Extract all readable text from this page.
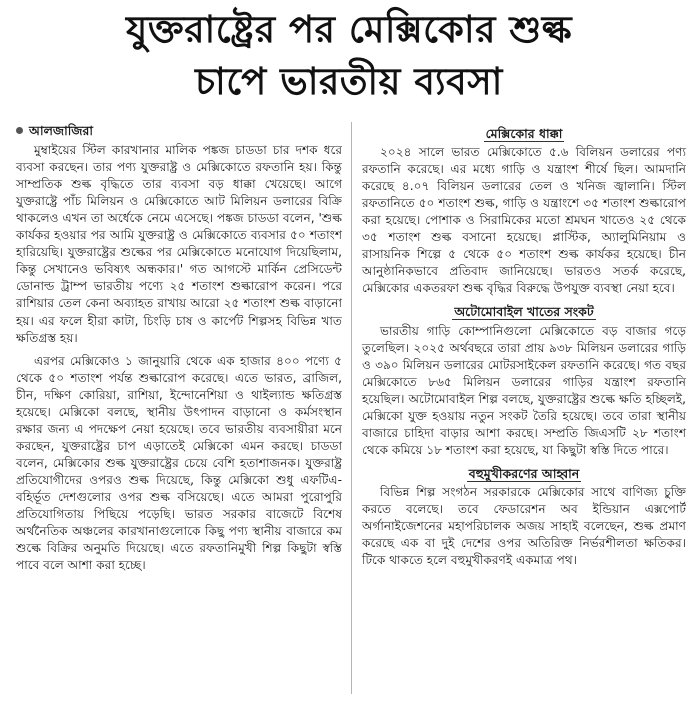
যুক্তরাষ্ট্রের পর মেক্সিকোর শুল্ক
চাপে ভারতীয় ব্যবসা
আলজাজিরা

মুম্বাইয়ের স্টিল কারখানার মালিক পঙ্কজ চাডডা চার দশক ধরে ব্যবসা করছেন। তার পণ্য যুক্তরাষ্ট্র ও মেক্সিকোতে রফতানি হয়। কিন্তু সাম্প্রতিক শুল্ক বৃদ্ধিতে তার ব্যবসা বড় ধাক্কা খেয়েছে। আগে যুক্তরাষ্ট্রে পাঁচ মিলিয়ন ও মেক্সিকোতে আট মিলিয়ন ডলারের বিক্রি থাকলেও এখন তা অর্ধেকে নেমে এসেছে। পঙ্কজ চাডডা বলেন, 'শুল্ক কার্যকর হওয়ার পর আমি যুক্তরাষ্ট্র ও মেক্সিকোতে ব্যবসার ৫০ শতাংশ হারিয়েছি। যুক্তরাষ্ট্রের শুল্কের পর মেক্সিকোতে মনোযোগ দিয়েছিলাম, কিন্তু সেখানেও ভবিষ্যৎ অন্ধকার।' গত আগস্টে মার্কিন প্রেসিডেন্ট ডোনাল্ড ট্রাম্প ভারতীয় পণ্যে ২৫ শতাংশ শুল্কারোপ করেন। পরে রাশিয়ার তেল কেনা অব্যাহত রাখায় আরো ২৫ শতাংশ শুল্ক বাড়ানো হয়। এর ফলে হীরা কাটা, চিংড়ি চাষ ও কার্পেট শিল্পসহ বিভিন্ন খাত ক্ষতিগ্রস্ত হয়।

এরপর মেক্সিকোও ১ জানুয়ারি থেকে এক হাজার ৪০০ পণ্যে ৫ থেকে ৫০ শতাংশ পর্যন্ত শুল্কারোপ করেছে। এতে ভারত, ব্রাজিল, চীন, দক্ষিণ কোরিয়া, রাশিয়া, ইন্দোনেশিয়া ও থাইল্যান্ড ক্ষতিগ্রস্ত হয়েছে। মেক্সিকো বলছে, স্থানীয় উৎপাদন বাড়ানো ও কর্মসংস্থান রক্ষার জন্য এ পদক্ষেপ নেয়া হয়েছে। তবে ভারতীয় ব্যবসায়ীরা মনে করছেন, যুক্তরাষ্ট্রের চাপ এড়াতেই মেক্সিকো এমন করছে। চাডডা বলেন, মেক্সিকোর শুল্ক যুক্তরাষ্ট্রের চেয়ে বেশি হতাশাজনক। যুক্তরাষ্ট্র প্রতিযোগীদের ওপরও শুল্ক দিয়েছে, কিন্তু মেক্সিকো শুধু এফটিএ-বহির্ভূত দেশগুলোর ওপর শুল্ক বসিয়েছে। এতে আমরা পুরোপুরি প্রতিযোগিতায় পিছিয়ে পড়েছি। ভারত সরকার বাজেটে বিশেষ অর্থনৈতিক অঞ্চলের কারখানাগুলোকে কিছু পণ্য স্থানীয় বাজারে কম শুল্কে বিক্রির অনুমতি দিয়েছে। এতে রফতানিমুখী শিল্প কিছুটা স্বস্তি পাবে বলে আশা করা হচ্ছে।

মেক্সিকোর ধাক্কা

২০২৪ সালে ভারত মেক্সিকোতে ৫.৬ বিলিয়ন ডলারের পণ্য রফতানি করেছে। এর মধ্যে গাড়ি ও যন্ত্রাংশ শীর্ষে ছিল। আমদানি করেছে ৪.০৭ বিলিয়ন ডলারের তেল ও খনিজ জ্বালানি। স্টিল রফতানিতে ৫০ শতাংশ শুল্ক, গাড়ি ও যন্ত্রাংশে ৩৫ শতাংশ শুল্কারোপ করা হয়েছে। পোশাক ও সিরামিকের মতো শ্রমঘন খাতেও ২৫ থেকে ৩৫ শতাংশ শুল্ক বসানো হয়েছে। প্লাস্টিক, অ্যালুমিনিয়াম ও রাসায়নিক শিল্পে ৫ থেকে ৫০ শতাংশ শুল্ক কার্যকর হয়েছে। চীন আনুষ্ঠানিকভাবে প্রতিবাদ জানিয়েছে। ভারতও সতর্ক করেছে, মেক্সিকোর একতরফা শুল্ক বৃদ্ধির বিরুদ্ধে উপযুক্ত ব্যবস্থা নেয়া হবে।

অটোমোবাইল খাতের সংকট

ভারতীয় গাড়ি কোম্পানিগুলো মেক্সিকোতে বড় বাজার গড়ে তুলেছিল। ২০২৫ অর্থবছরে তারা প্রায় ৯৩৮ মিলিয়ন ডলারের গাড়ি ও ৩৯০ মিলিয়ন ডলারের মোটরসাইকেল রফতানি করেছে। গত বছর মেক্সিকোতে ৮৬৫ মিলিয়ন ডলারের গাড়ির যন্ত্রাংশ রফতানি হয়েছিল। অটোমোবাইল শিল্প বলছে, যুক্তরাষ্ট্রের শুল্কে ক্ষতি হচ্ছিলই, মেক্সিকো যুক্ত হওয়ায় নতুন সংকট তৈরি হয়েছে। তবে তারা স্থানীয় বাজারে চাহিদা বাড়ার আশা করছে। সম্প্রতি জিএসটি ২৮ শতাংশ থেকে কমিয়ে ১৮ শতাংশ করা হয়েছে, যা কিছুটা স্বস্তি দিতে পারে।

বহুমুখীকরণের আহ্বান

বিভিন্ন শিল্প সংগঠন সরকারকে মেক্সিকোর সাথে বাণিজ্য চুক্তি করতে বলেছে। তবে ফেডারেশন অব ইন্ডিয়ান এক্সপোর্ট অর্গানাইজেশনের মহাপরিচালক অজয় সাহাই বলেছেন, শুল্ক প্রমাণ করেছে এক বা দুই দেশের ওপর অতিরিক্ত নির্ভরশীলতা ক্ষতিকর। টিকে থাকতে হলে বহুমুখীকরণই একমাত্র পথ।
